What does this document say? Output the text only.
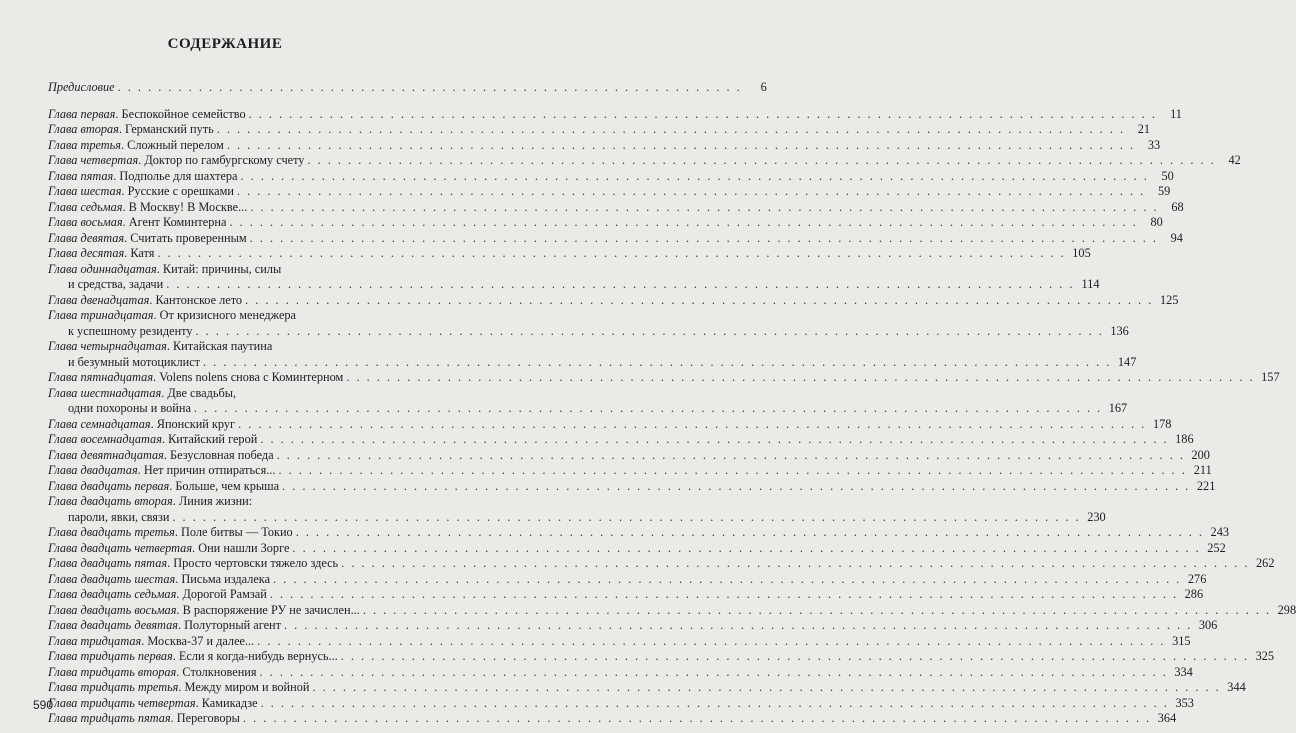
СОДЕРЖАНИЕ
Предисловие . . . . . . . . . . . . . . . . . . . . . . . . . . . . . . . . . . . . . . . . . . . . . . . . . . . . . . . . . . . . . .	6
Глава первая. Беспокойное семейство . . . . . . . . . . . . . . . . . . . . . . . . . . . . . . . . . . . . . . . . . . . . . . . . . . . . . . . . . . . . . . . . . . . . . . . . . . . . . . . . . . . . . . . . . .	11
Глава вторая. Германский путь . . . . . . . . . . . . . . . . . . . . . . . . . . . . . . . . . . . . . . . . . . . . . . . . . . . . . . . . . . . . . . . . . . . . . . . . . . . . . . . . . . . . . . . . . .	21
Глава третья. Сложный перелом . . . . . . . . . . . . . . . . . . . . . . . . . . . . . . . . . . . . . . . . . . . . . . . . . . . . . . . . . . . . . . . . . . . . . . . . . . . . . . . . . . . . . . . . . .	33
Глава четвертая. Доктор по гамбургскому счету . . . . . . . . . . . . . . . . . . . . . . . . . . . . . . . . . . . . . . . . . . . . . . . . . . . . . . . . . . . . . . . . . . . . . . . . . . . . . . . . . . . . . . . . . .	42
Глава пятая. Подполье для шахтера . . . . . . . . . . . . . . . . . . . . . . . . . . . . . . . . . . . . . . . . . . . . . . . . . . . . . . . . . . . . . . . . . . . . . . . . . . . . . . . . . . . . . . . . . .	50
Глава шестая. Русские с орешками . . . . . . . . . . . . . . . . . . . . . . . . . . . . . . . . . . . . . . . . . . . . . . . . . . . . . . . . . . . . . . . . . . . . . . . . . . . . . . . . . . . . . . . . . .	59
Глава седьмая. В Москву! В Москве... . . . . . . . . . . . . . . . . . . . . . . . . . . . . . . . . . . . . . . . . . . . . . . . . . . . . . . . . . . . . . . . . . . . . . . . . . . . . . . . . . . . . . . . . . .	68
Глава восьмая. Агент Коминтерна . . . . . . . . . . . . . . . . . . . . . . . . . . . . . . . . . . . . . . . . . . . . . . . . . . . . . . . . . . . . . . . . . . . . . . . . . . . . . . . . . . . . . . . . . .	80
Глава девятая. Считать проверенным . . . . . . . . . . . . . . . . . . . . . . . . . . . . . . . . . . . . . . . . . . . . . . . . . . . . . . . . . . . . . . . . . . . . . . . . . . . . . . . . . . . . . . . . . .	94
Глава десятая. Катя . . . . . . . . . . . . . . . . . . . . . . . . . . . . . . . . . . . . . . . . . . . . . . . . . . . . . . . . . . . . . . . . . . . . . . . . . . . . . . . . . . . . . . . . . . 105
Глава одиннадцатая. Китай: причины, силы
и средства, задачи . . . . . . . . . . . . . . . . . . . . . . . . . . . . . . . . . . . . . . . . . . . . . . . . . . . . . . . . . . . . . . . . . . . . . . . . . . . . . . . . . . . . . . . . . . 114
Глава двенадцатая. Кантонское лето . . . . . . . . . . . . . . . . . . . . . . . . . . . . . . . . . . . . . . . . . . . . . . . . . . . . . . . . . . . . . . . . . . . . . . . . . . . . . . . . . . . . . . . . . . 125
Глава тринадцатая. От кризисного менеджера
к успешному резиденту . . . . . . . . . . . . . . . . . . . . . . . . . . . . . . . . . . . . . . . . . . . . . . . . . . . . . . . . . . . . . . . . . . . . . . . . . . . . . . . . . . . . . . . . . . 136
Глава четырнадцатая. Китайская паутина
и безумный мотоциклист . . . . . . . . . . . . . . . . . . . . . . . . . . . . . . . . . . . . . . . . . . . . . . . . . . . . . . . . . . . . . . . . . . . . . . . . . . . . . . . . . . . . . . . . . . 147
Глава пятнадцатая. Volens nolens снова с Коминтерном . . . . . . . . . . . . . . . . . . . . . . . . . . . . . . . . . . . . . . . . . . . . . . . . . . . . . . . . . . . . . . . . . . . . . . . . . . . . . . . . . . . . . . . . . . 157
Глава шестнадцатая. Две свадьбы,
одни похороны и война . . . . . . . . . . . . . . . . . . . . . . . . . . . . . . . . . . . . . . . . . . . . . . . . . . . . . . . . . . . . . . . . . . . . . . . . . . . . . . . . . . . . . . . . . . 167
Глава семнадцатая. Японский круг . . . . . . . . . . . . . . . . . . . . . . . . . . . . . . . . . . . . . . . . . . . . . . . . . . . . . . . . . . . . . . . . . . . . . . . . . . . . . . . . . . . . . . . . . . 178
Глава восемнадцатая. Китайский герой . . . . . . . . . . . . . . . . . . . . . . . . . . . . . . . . . . . . . . . . . . . . . . . . . . . . . . . . . . . . . . . . . . . . . . . . . . . . . . . . . . . . . . . . . . 186
Глава девятнадцатая. Безусловная победа . . . . . . . . . . . . . . . . . . . . . . . . . . . . . . . . . . . . . . . . . . . . . . . . . . . . . . . . . . . . . . . . . . . . . . . . . . . . . . . . . . . . . . . . . . 200
Глава двадцатая. Нет причин отпираться... . . . . . . . . . . . . . . . . . . . . . . . . . . . . . . . . . . . . . . . . . . . . . . . . . . . . . . . . . . . . . . . . . . . . . . . . . . . . . . . . . . . . . . . . . . 211
Глава двадцать первая. Больше, чем крыша . . . . . . . . . . . . . . . . . . . . . . . . . . . . . . . . . . . . . . . . . . . . . . . . . . . . . . . . . . . . . . . . . . . . . . . . . . . . . . . . . . . . . . . . . . 221
Глава двадцать вторая. Линия жизни:
пароли, явки, связи . . . . . . . . . . . . . . . . . . . . . . . . . . . . . . . . . . . . . . . . . . . . . . . . . . . . . . . . . . . . . . . . . . . . . . . . . . . . . . . . . . . . . . . . . . 230
Глава двадцать третья. Поле битвы — Токио . . . . . . . . . . . . . . . . . . . . . . . . . . . . . . . . . . . . . . . . . . . . . . . . . . . . . . . . . . . . . . . . . . . . . . . . . . . . . . . . . . . . . . . . . . 243
Глава двадцать четвертая. Они нашли Зорге . . . . . . . . . . . . . . . . . . . . . . . . . . . . . . . . . . . . . . . . . . . . . . . . . . . . . . . . . . . . . . . . . . . . . . . . . . . . . . . . . . . . . . . . . . 252
Глава двадцать пятая. Просто чертовски тяжело здесь . . . . . . . . . . . . . . . . . . . . . . . . . . . . . . . . . . . . . . . . . . . . . . . . . . . . . . . . . . . . . . . . . . . . . . . . . . . . . . . . . . . . . . . . . . 262
Глава двадцать шестая. Письма издалека . . . . . . . . . . . . . . . . . . . . . . . . . . . . . . . . . . . . . . . . . . . . . . . . . . . . . . . . . . . . . . . . . . . . . . . . . . . . . . . . . . . . . . . . . . 276
Глава двадцать седьмая. Дорогой Рамзай . . . . . . . . . . . . . . . . . . . . . . . . . . . . . . . . . . . . . . . . . . . . . . . . . . . . . . . . . . . . . . . . . . . . . . . . . . . . . . . . . . . . . . . . . . 286
Глава двадцать восьмая. В распоряжение РУ не зачислен... . . . . . . . . . . . . . . . . . . . . . . . . . . . . . . . . . . . . . . . . . . . . . . . . . . . . . . . . . . . . . . . . . . . . . . . . . . . . . . . . . . . . . . . . . . 298
Глава двадцать девятая. Полуторный агент . . . . . . . . . . . . . . . . . . . . . . . . . . . . . . . . . . . . . . . . . . . . . . . . . . . . . . . . . . . . . . . . . . . . . . . . . . . . . . . . . . . . . . . . . . 306
Глава тридцатая. Москва-37 и далее... . . . . . . . . . . . . . . . . . . . . . . . . . . . . . . . . . . . . . . . . . . . . . . . . . . . . . . . . . . . . . . . . . . . . . . . . . . . . . . . . . . . . . . . . . . 315
Глава тридцать первая. Если я когда-нибудь вернусь... . . . . . . . . . . . . . . . . . . . . . . . . . . . . . . . . . . . . . . . . . . . . . . . . . . . . . . . . . . . . . . . . . . . . . . . . . . . . . . . . . . . . . . . . . . 325
Глава тридцать вторая. Столкновения . . . . . . . . . . . . . . . . . . . . . . . . . . . . . . . . . . . . . . . . . . . . . . . . . . . . . . . . . . . . . . . . . . . . . . . . . . . . . . . . . . . . . . . . . . 334
Глава тридцать третья. Между миром и войной . . . . . . . . . . . . . . . . . . . . . . . . . . . . . . . . . . . . . . . . . . . . . . . . . . . . . . . . . . . . . . . . . . . . . . . . . . . . . . . . . . . . . . . . . . 344
Глава тридцать четвертая. Камикадзе . . . . . . . . . . . . . . . . . . . . . . . . . . . . . . . . . . . . . . . . . . . . . . . . . . . . . . . . . . . . . . . . . . . . . . . . . . . . . . . . . . . . . . . . . . 353
Глава тридцать пятая. Переговоры . . . . . . . . . . . . . . . . . . . . . . . . . . . . . . . . . . . . . . . . . . . . . . . . . . . . . . . . . . . . . . . . . . . . . . . . . . . . . . . . . . . . . . . . . . 364
590
